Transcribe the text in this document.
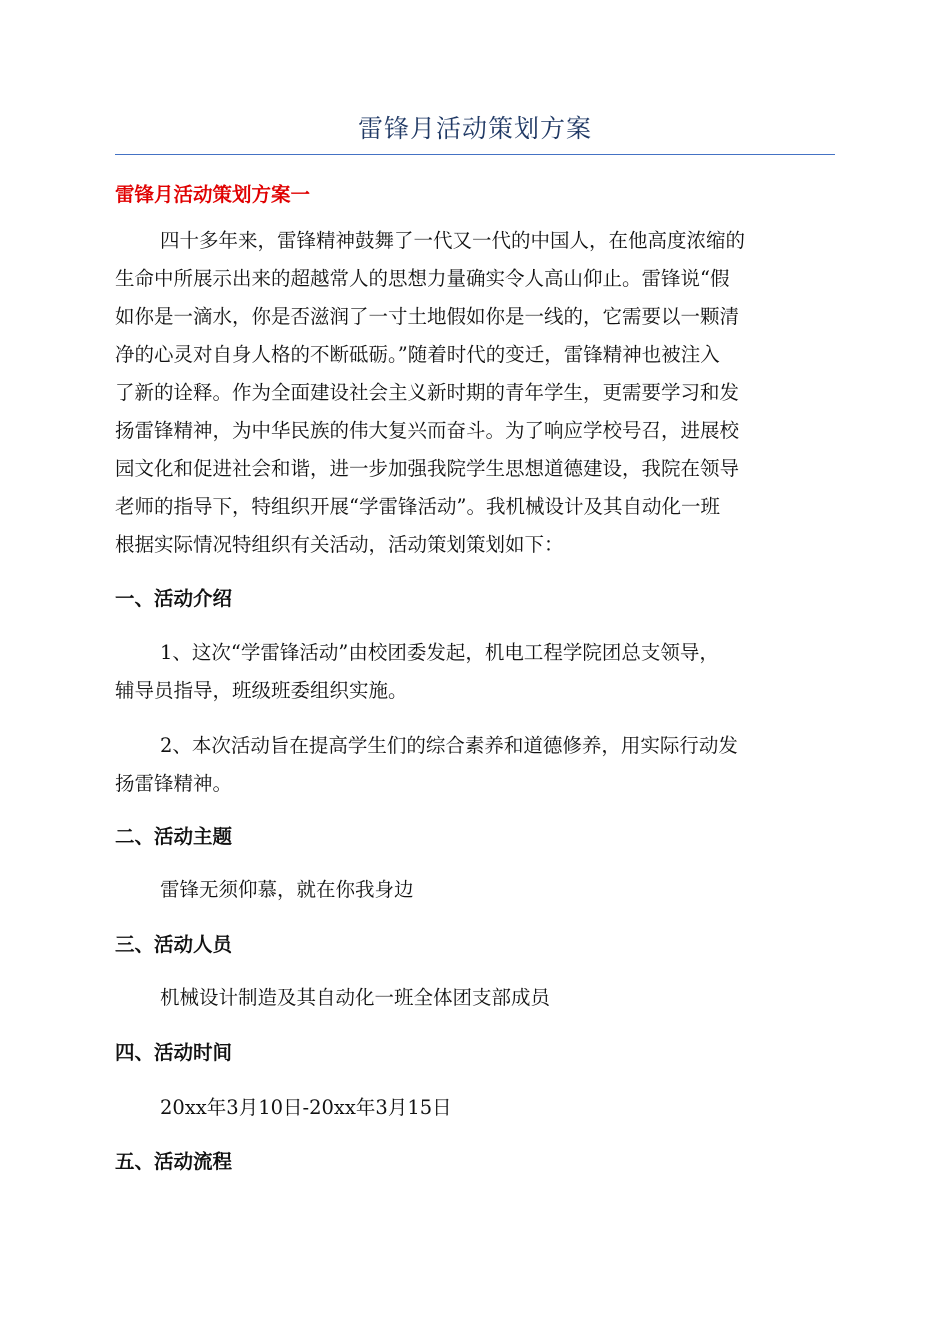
雷锋月活动策划方案
雷锋月活动策划方案一
四十多年来，雷锋精神鼓舞了一代又一代的中国人，在他高度浓缩的
生命中所展示出来的超越常人的思想力量确实令人高山仰止。雷锋说“假
如你是一滴水，你是否滋润了一寸土地假如你是一线的，它需要以一颗清
净的心灵对自身人格的不断砥砺。”随着时代的变迁，雷锋精神也被注入
了新的诠释。作为全面建设社会主义新时期的青年学生，更需要学习和发
扬雷锋精神，为中华民族的伟大复兴而奋斗。为了响应学校号召，进展校
园文化和促进社会和谐，进一步加强我院学生思想道德建设，我院在领导
老师的指导下，特组织开展“学雷锋活动”。我机械设计及其自动化一班
根据实际情况特组织有关活动，活动策划策划如下：
一、活动介绍
1、这次“学雷锋活动”由校团委发起，机电工程学院团总支领导，
辅导员指导，班级班委组织实施。
2、本次活动旨在提高学生们的综合素养和道德修养，用实际行动发
扬雷锋精神。
二、活动主题
雷锋无须仰慕，就在你我身边
三、活动人员
机械设计制造及其自动化一班全体团支部成员
四、活动时间
20xx年3月10日-20xx年3月15日
五、活动流程
